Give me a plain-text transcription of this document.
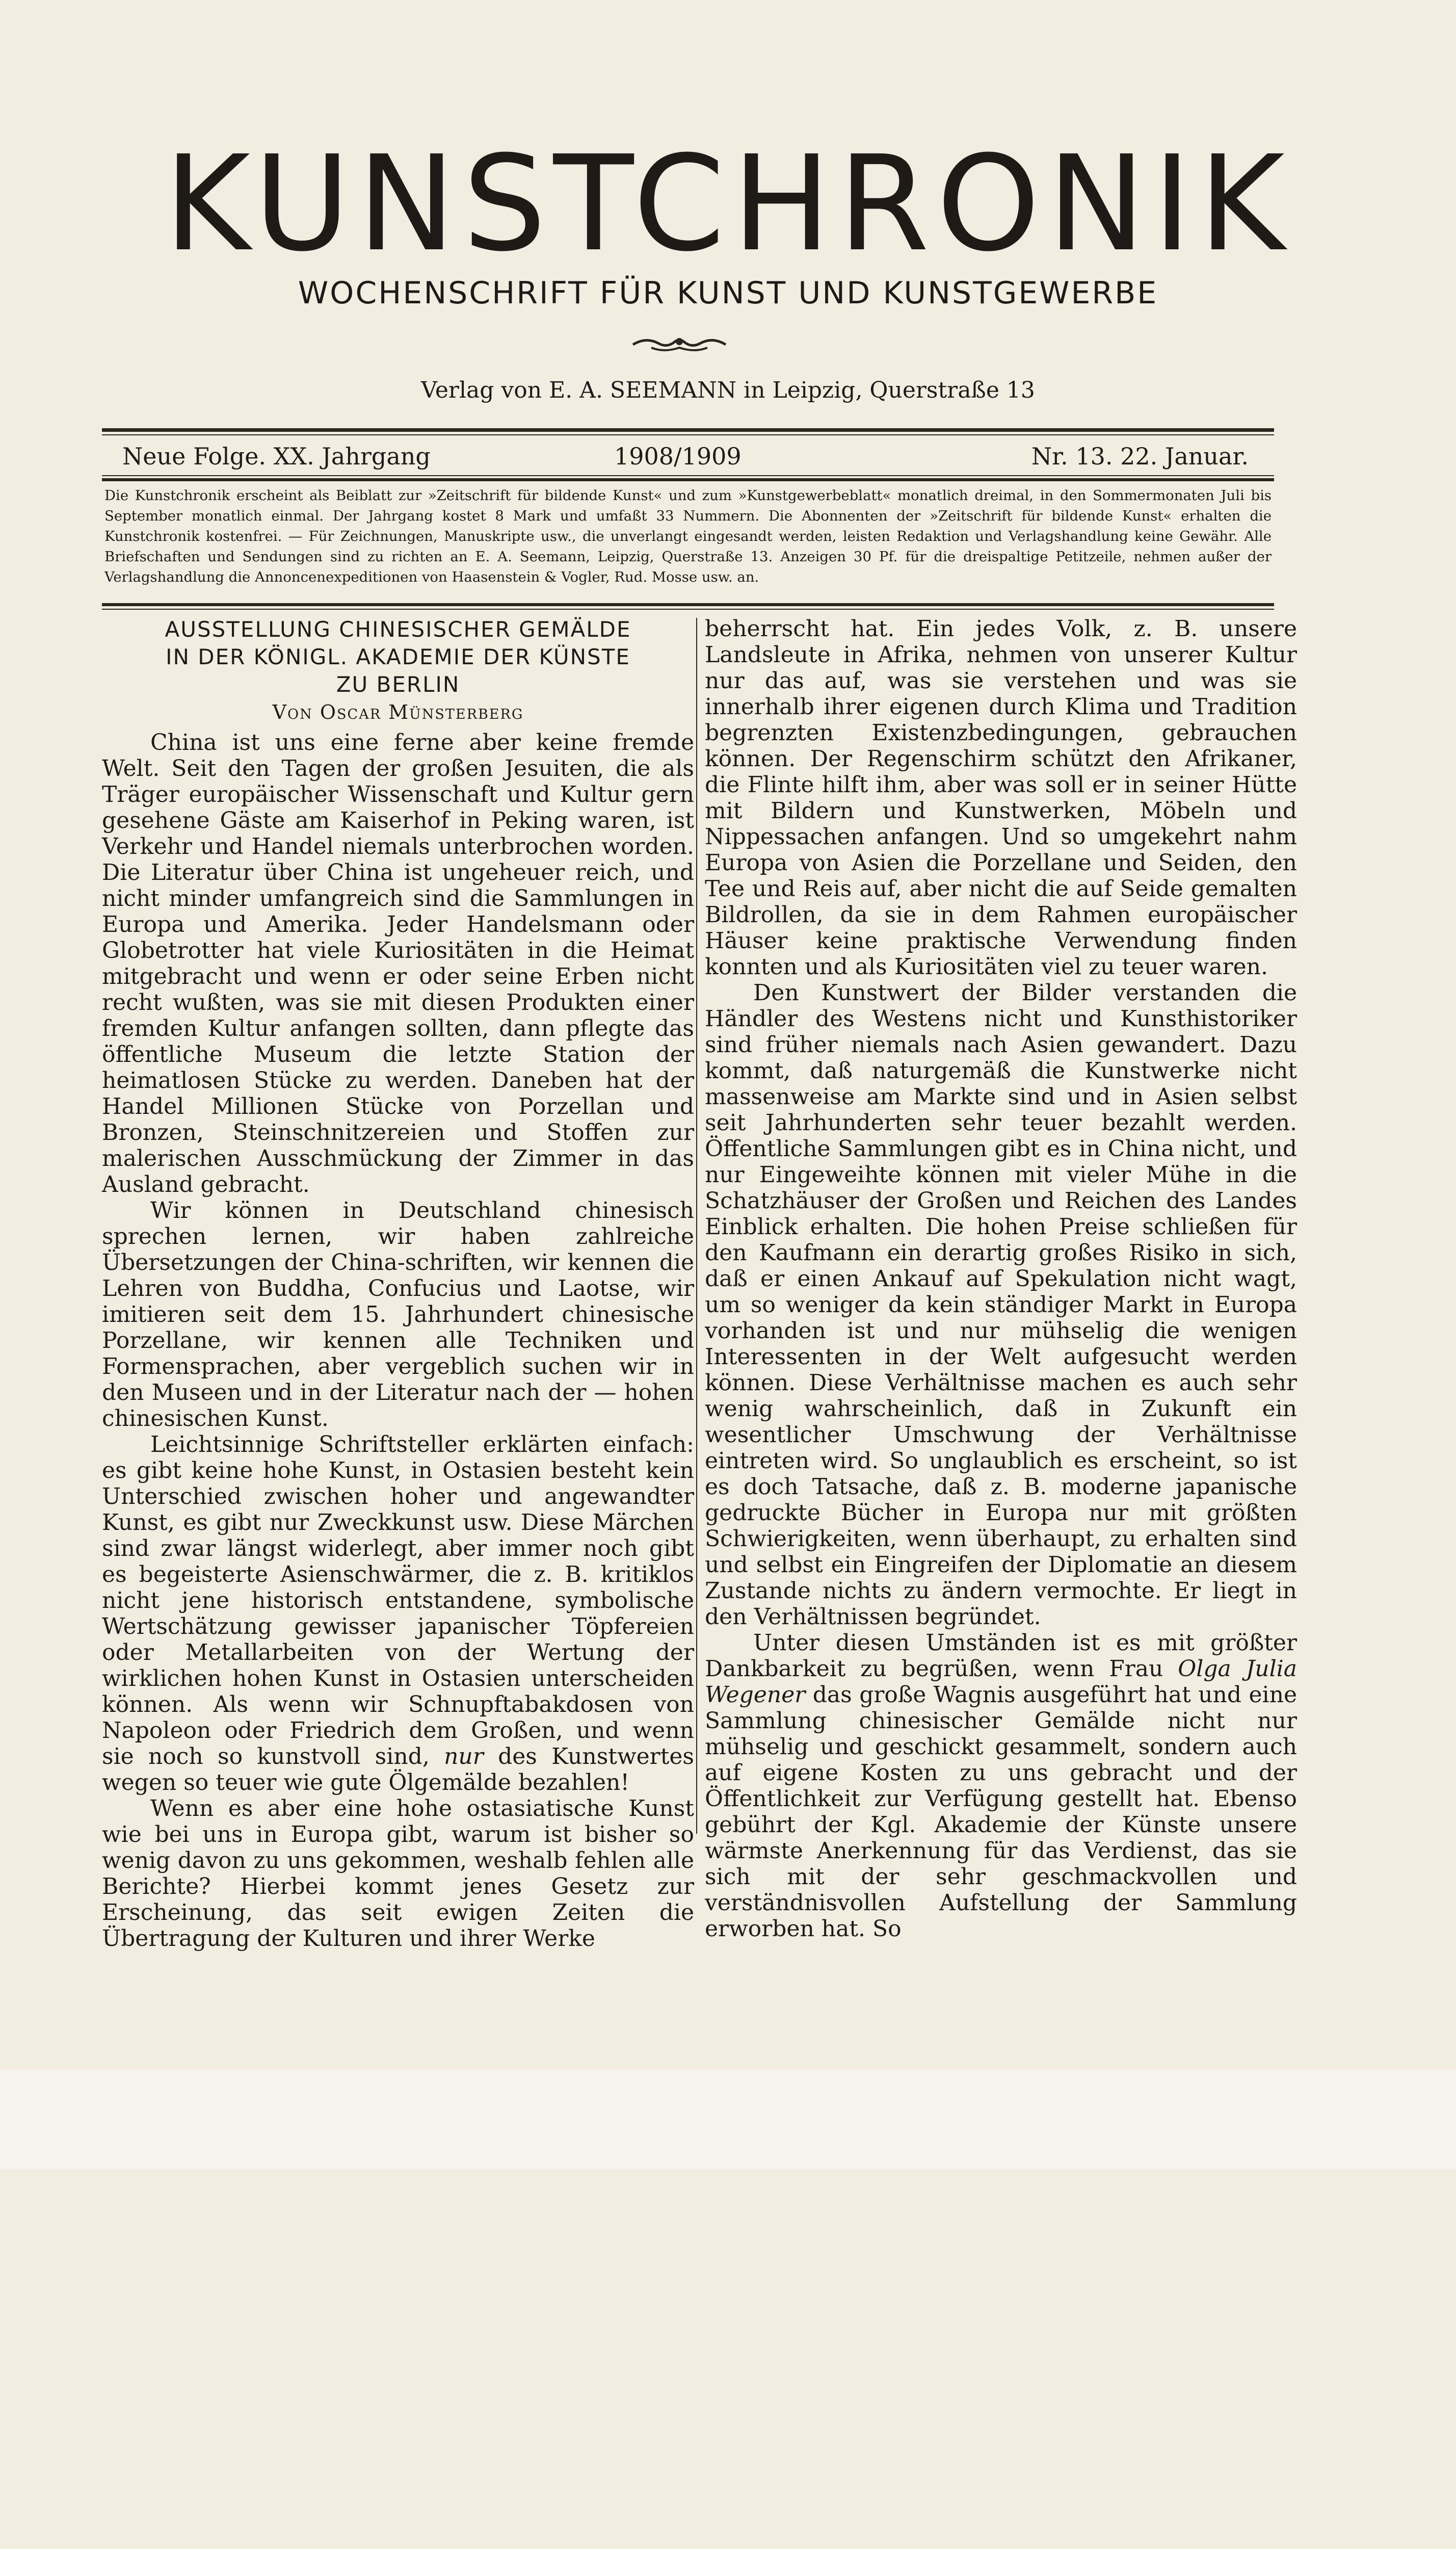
KUNSTCHRONIK
WOCHENSCHRIFT FÜR KUNST UND KUNSTGEWERBE
Verlag von E. A. SEEMANN in Leipzig, Querstraße 13
Neue Folge. XX. Jahrgang	1908/1909	Nr. 13. 22. Januar.
Die Kunstchronik erscheint als Beiblatt zur »Zeitschrift für bildende Kunst« und zum »Kunstgewerbeblatt« monatlich dreimal, in den Sommermonaten Juli bis September monatlich einmal. Der Jahrgang kostet 8 Mark und umfaßt 33 Nummern. Die Abonnenten der »Zeitschrift für bildende Kunst« erhalten die Kunstchronik kostenfrei. — Für Zeichnungen, Manuskripte usw., die unverlangt eingesandt werden, leisten Redaktion und Verlagshandlung keine Gewähr. Alle Briefschaften und Sendungen sind zu richten an E. A. Seemann, Leipzig, Querstraße 13. Anzeigen 30 Pf. für die dreispaltige Petitzeile, nehmen außer der Verlagshandlung die Annoncenexpeditionen von Haasenstein & Vogler, Rud. Mosse usw. an.
AUSSTELLUNG CHINESISCHER GEMÄLDE
IN DER KÖNIGL. AKADEMIE DER KÜNSTE
ZU BERLIN
Von Oscar Münsterberg

China ist uns eine ferne aber keine fremde Welt. Seit den Tagen der großen Jesuiten, die als Träger europäischer Wissenschaft und Kultur gern gesehene Gäste am Kaiserhof in Peking waren, ist Verkehr und Handel niemals unterbrochen worden. Die Literatur über China ist ungeheuer reich, und nicht minder umfangreich sind die Sammlungen in Europa und Amerika. Jeder Handelsmann oder Globetrotter hat viele Kuriositäten in die Heimat mitgebracht und wenn er oder seine Erben nicht recht wußten, was sie mit diesen Produkten einer fremden Kultur anfangen sollten, dann pflegte das öffentliche Museum die letzte Station der heimatlosen Stücke zu werden. Daneben hat der Handel Millionen Stücke von Porzellan und Bronzen, Steinschnitzereien und Stoffen zur malerischen Ausschmückung der Zimmer in das Ausland gebracht.

Wir können in Deutschland chinesisch sprechen lernen, wir haben zahlreiche Übersetzungen der China-schriften, wir kennen die Lehren von Buddha, Confucius und Laotse, wir imitieren seit dem 15. Jahrhundert chinesische Porzellane, wir kennen alle Techniken und Formensprachen, aber vergeblich suchen wir in den Museen und in der Literatur nach der — hohen chinesischen Kunst.

Leichtsinnige Schriftsteller erklärten einfach: es gibt keine hohe Kunst, in Ostasien besteht kein Unterschied zwischen hoher und angewandter Kunst, es gibt nur Zweckkunst usw. Diese Märchen sind zwar längst widerlegt, aber immer noch gibt es begeisterte Asienschwärmer, die z. B. kritiklos nicht jene historisch entstandene, symbolische Wertschätzung gewisser japanischer Töpfereien oder Metallarbeiten von der Wertung der wirklichen hohen Kunst in Ostasien unterscheiden können. Als wenn wir Schnupftabakdosen von Napoleon oder Friedrich dem Großen, und wenn sie noch so kunstvoll sind, nur des Kunstwertes wegen so teuer wie gute Ölgemälde bezahlen!

Wenn es aber eine hohe ostasiatische Kunst wie bei uns in Europa gibt, warum ist bisher so wenig davon zu uns gekommen, weshalb fehlen alle Berichte? Hierbei kommt jenes Gesetz zur Erscheinung, das seit ewigen Zeiten die Übertragung der Kulturen und ihrer Werke

beherrscht hat. Ein jedes Volk, z. B. unsere Landsleute in Afrika, nehmen von unserer Kultur nur das auf, was sie verstehen und was sie innerhalb ihrer eigenen durch Klima und Tradition begrenzten Existenzbedingungen, gebrauchen können. Der Regenschirm schützt den Afrikaner, die Flinte hilft ihm, aber was soll er in seiner Hütte mit Bildern und Kunstwerken, Möbeln und Nippessachen anfangen. Und so umgekehrt nahm Europa von Asien die Porzellane und Seiden, den Tee und Reis auf, aber nicht die auf Seide gemalten Bildrollen, da sie in dem Rahmen europäischer Häuser keine praktische Verwendung finden konnten und als Kuriositäten viel zu teuer waren.

Den Kunstwert der Bilder verstanden die Händler des Westens nicht und Kunsthistoriker sind früher niemals nach Asien gewandert. Dazu kommt, daß naturgemäß die Kunstwerke nicht massenweise am Markte sind und in Asien selbst seit Jahrhunderten sehr teuer bezahlt werden. Öffentliche Sammlungen gibt es in China nicht, und nur Eingeweihte können mit vieler Mühe in die Schatzhäuser der Großen und Reichen des Landes Einblick erhalten. Die hohen Preise schließen für den Kaufmann ein derartig großes Risiko in sich, daß er einen Ankauf auf Spekulation nicht wagt, um so weniger da kein ständiger Markt in Europa vorhanden ist und nur mühselig die wenigen Interessenten in der Welt aufgesucht werden können. Diese Verhältnisse machen es auch sehr wenig wahrscheinlich, daß in Zukunft ein wesentlicher Umschwung der Verhältnisse eintreten wird. So unglaublich es erscheint, so ist es doch Tatsache, daß z. B. moderne japanische gedruckte Bücher in Europa nur mit größten Schwierigkeiten, wenn überhaupt, zu erhalten sind und selbst ein Eingreifen der Diplomatie an diesem Zustande nichts zu ändern vermochte. Er liegt in den Verhältnissen begründet.

Unter diesen Umständen ist es mit größter Dankbarkeit zu begrüßen, wenn Frau Olga Julia Wegener das große Wagnis ausgeführt hat und eine Sammlung chinesischer Gemälde nicht nur mühselig und geschickt gesammelt, sondern auch auf eigene Kosten zu uns gebracht und der Öffentlichkeit zur Verfügung gestellt hat. Ebenso gebührt der Kgl. Akademie der Künste unsere wärmste Anerkennung für das Verdienst, das sie sich mit der sehr geschmackvollen und verständnisvollen Aufstellung der Sammlung erworben hat. So
